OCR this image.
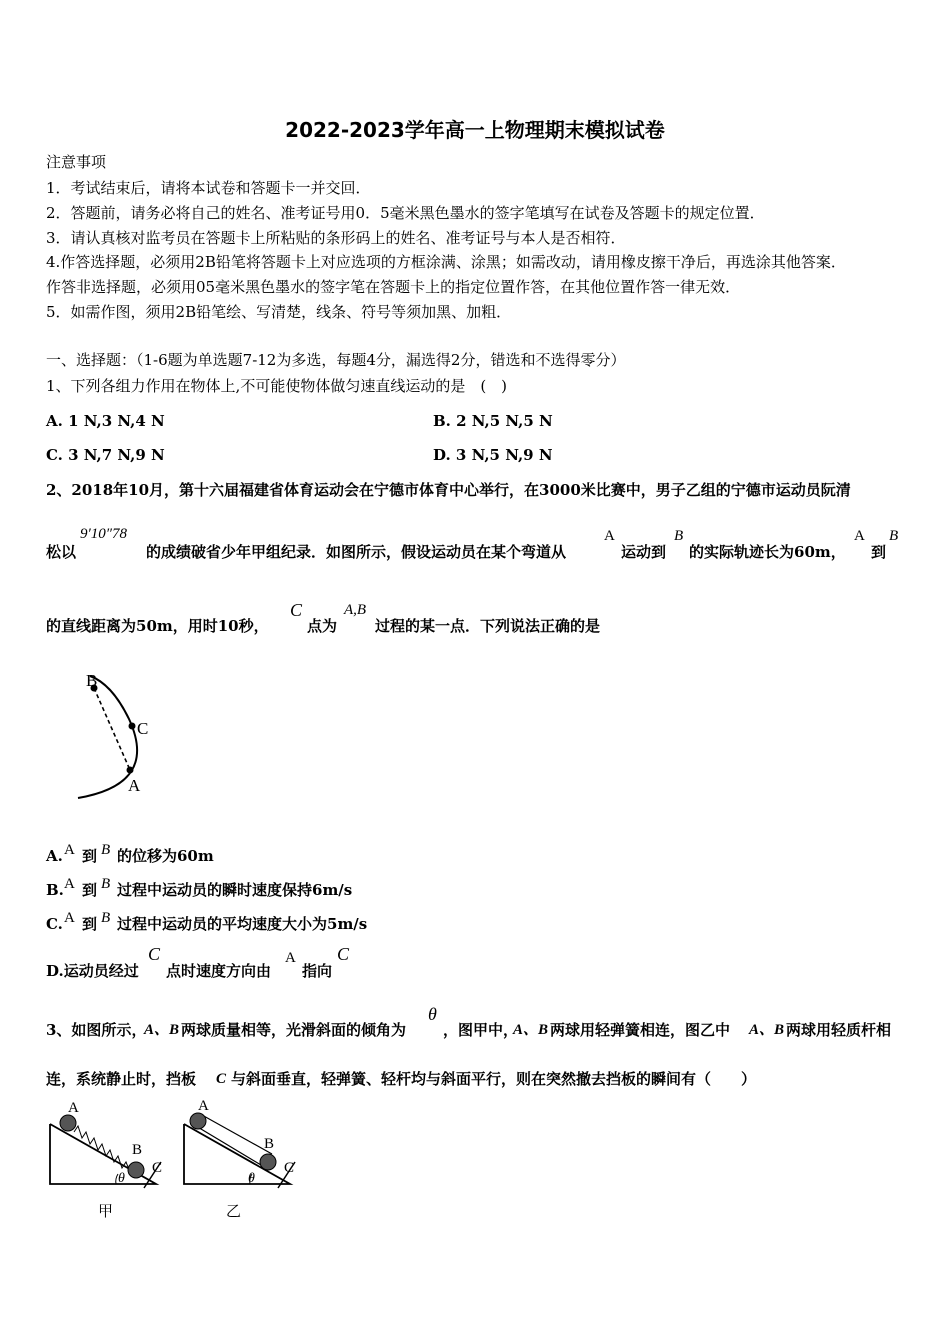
2022-2023学年高一上物理期末模拟试卷
注意事项
1．考试结束后，请将本试卷和答题卡一并交回．
2．答题前，请务必将自己的姓名、准考证号用0．5毫米黑色墨水的签字笔填写在试卷及答题卡的规定位置．
3．请认真核对监考员在答题卡上所粘贴的条形码上的姓名、准考证号与本人是否相符．
4.作答选择题，必须用2B铅笔将答题卡上对应选项的方框涂满、涂黑；如需改动，请用橡皮擦干净后，再选涂其他答案．
作答非选择题，必须用05毫米黑色墨水的签字笔在答题卡上的指定位置作答，在其他位置作答一律无效．
5．如需作图，须用2B铅笔绘、写清楚，线条、符号等须加黑、加粗．
一、选择题：（1-6题为单选题7-12为多选，每题4分，漏选得2分，错选和不选得零分）
1、下列各组力作用在物体上,不可能使物体做匀速直线运动的是　(　)
A. 1 N,3 N,4 N	B. 2 N,5 N,5 N
C. 3 N,7 N,9 N	D. 3 N,5 N,9 N
2、2018年10月，第十六届福建省体育运动会在宁德市体育中心举行，在3000米比赛中，男子乙组的宁德市运动员阮清
松以
9′10″78
的成绩破省少年甲组纪录．如图所示，假设运动员在某个弯道从
A
运动到
B
的实际轨迹长为60m，
A
到
B
的直线距离为50m，用时10秒，
C
点为
A,B
过程的某一点．下列说法正确的是
B
C
A
A. A 到 B 的位移为60m
B. A 到 B 过程中运动员的瞬时速度保持6m/s
C. A 到 B 过程中运动员的平均速度大小为5m/s
D.运动员经过
C
点时速度方向由
A
指向
C
3、如图所示，
A、B 两球质量相等，光滑斜面的倾角为
θ
，图甲中，
A、B 两球用轻弹簧相连，图乙中 A、B 两球用轻质杆相
连，系统静止时，挡板 C 与斜面垂直，轻弹簧、轻杆均与斜面平行，则在突然撤去挡板的瞬间有（　　）
A
B
C
θ
甲
A
B
C
θ
乙
